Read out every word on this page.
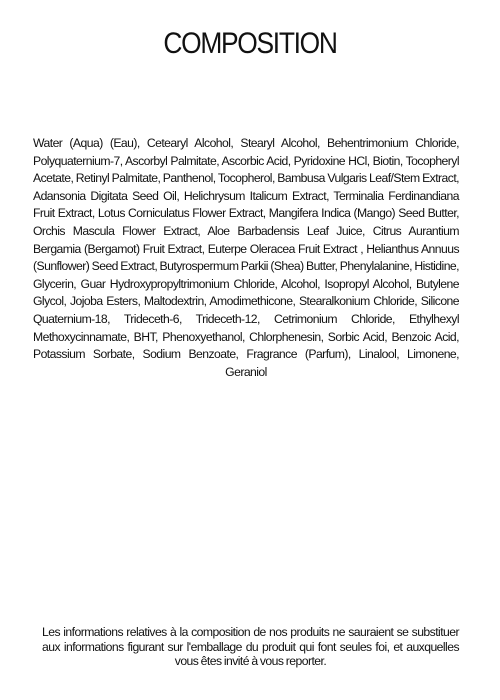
COMPOSITION

Water (Aqua) (Eau), Cetearyl Alcohol, Stearyl Alcohol, Behentrimonium Chloride, Polyquaternium-7, Ascorbyl Palmitate, Ascorbic Acid, Pyridoxine HCl, Biotin, Tocopheryl Acetate, Retinyl Palmitate, Panthenol, Tocopherol, Bambusa Vulgaris Leaf/Stem Extract, Adansonia Digitata Seed Oil, Helichrysum Italicum Extract, Terminalia Ferdinandiana Fruit Extract, Lotus Corniculatus Flower Extract, Mangifera Indica (Mango) Seed Butter, Orchis Mascula Flower Extract, Aloe Barbadensis Leaf Juice, Citrus Aurantium Bergamia (Bergamot) Fruit Extract, Euterpe Oleracea Fruit Extract , Helianthus Annuus (Sunflower) Seed Extract, Butyrospermum Parkii (Shea) Butter, Phenylalanine, Histidine, Glycerin, Guar Hydroxypropyltrimonium Chloride, Alcohol, Isopropyl Alcohol, Butylene Glycol, Jojoba Esters, Maltodextrin, Amodimethicone, Stearalkonium Chloride, Silicone Quaternium-18, Trideceth-6, Trideceth-12, Cetrimonium Chloride, Ethylhexyl Methoxycinnamate, BHT, Phenoxyethanol, Chlorphenesin, Sorbic Acid, Benzoic Acid, Potassium Sorbate, Sodium Benzoate, Fragrance (Parfum), Linalool, Limonene, Geraniol

Les informations relatives à la composition de nos produits ne sauraient se substituer aux informations figurant sur l'emballage du produit qui font seules foi, et auxquelles vous êtes invité à vous reporter.
